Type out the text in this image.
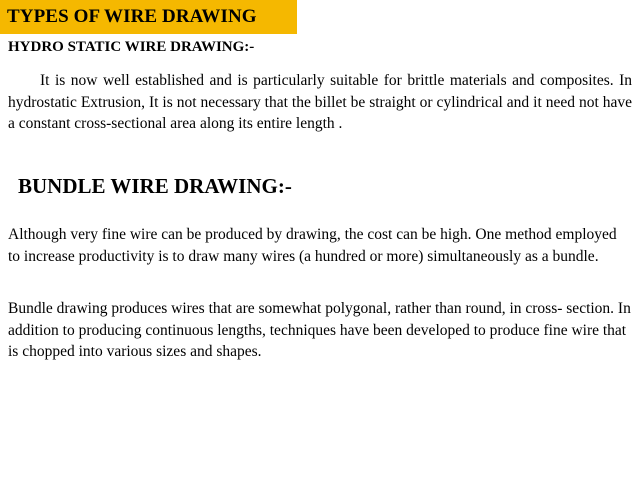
TYPES OF WIRE DRAWING
HYDRO STATIC WIRE DRAWING:-

It is now well established and is particularly suitable for brittle materials and composites. In hydrostatic Extrusion, It is not necessary that the billet be straight or cylindrical and it need not have a constant cross-sectional area along its entire length .

BUNDLE WIRE DRAWING:-

Although very fine wire can be produced by drawing, the cost can be high. One method employed to increase productivity is to draw many wires (a hundred or more) simultaneously as a bundle.

Bundle drawing produces wires that are somewhat polygonal, rather than round, in cross- section. In addition to producing continuous lengths, techniques have been developed to produce fine wire that is chopped into various sizes and shapes.
